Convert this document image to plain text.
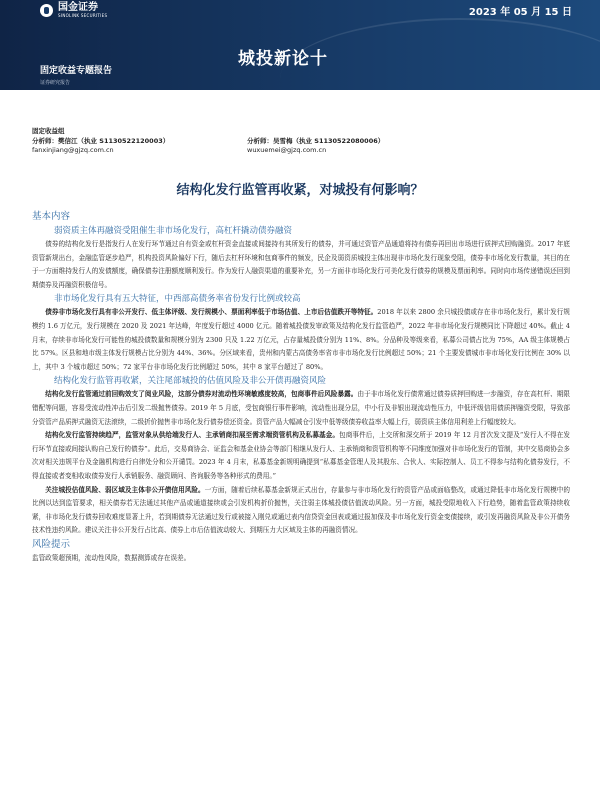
国金证券
SINOLINK SECURITIES	2023 年 05 月 15 日
城投新论十
固定收益专题报告
证券研究报告
固定收益组
分析师：樊信江（执业 S1130522120003）	分析师：吴雪梅（执业 S1130522080006）
fanxinjiang@gjzq.com.cn	wuxuemei@gjzq.com.cn
结构化发行监管再收紧，对城投有何影响？
基本内容
弱资质主体再融资受阻催生非市场化发行，高杠杆撬动债券融资

债券的结构化发行是指发行人在发行环节通过自有资金或杠杆资金直接或间接持有其所发行的债券，并可通过资管产品通道将持有债券再回出市场进行质押式回购融资。2017 年底资管新规出台，金融监管逐步趋严，机构投资风险偏好下行，随后去杠杆环境和包商事件的频发，民企及弱资质城投主体出现非市场化发行现象受阻，债券非市场化发行数量，其目的在于一方面维持发行人的发债额度，确保债券注册额度顺利发行。作为发行人融资渠道的重要补充，另一方面非市场化发行可美化发行债券的规模及票面利率。同时向市场传递错误还回到期债券及再融资积极信号。

非市场化发行具有五大特征，中西部高债务率省份发行比例或较高

债券非市场化发行具有非公开发行、低主体评级、发行规模小、票面利率低于市场估值、上市后估值跌开等特征。2018 年以来 2800 余只城投债或存在非市场化发行，累计发行规模约 1.6 万亿元，发行规模在 2020 及 2021 年达峰，年度发行超过 4000 亿元。随着城投债发审政策及结构化发行监管趋严，2022 年非市场化发行规模同比下降超过 40%。截止 4 月末，存续非市场化发行可能性的城投债数量和规模分别为 2300 只及 1.22 万亿元，占存量城投债分别为 11%、8%。分品种及等级来看，私募公司债占比为 75%，AA 级主体规模占比 57%。区县和地市级主体发行规模占比分别为 44%、36%。分区域来看，贵州和内蒙古高债务率省市非市场化发行比例超过 50%；21 个主要发债城市非市场化发行比例在 30% 以上，其中 3 个城市超过 50%；72 家平台非市场化发行比例超过 50%，其中 8 家平台超过了 80%。

结构化发行监管再收紧，关注尾部城投的估值风险及非公开债再融资风险

结构化发行监管通过前回购效支了阅业风险，这部分债券对流动性环境敏感度较高，包商事件后风险暴露。由于非市场化发行债常通过债券质押回购进一步融资，存在高杠杆、期限错配等问题，容易受流动性冲击后引发二级抛售债券。2019 年 5 月底，受包商银行事件影响，流动性出现分层，中小行及非银出现流动性压力，中低评级信用债质押融资受限，导致部分资管产品质押式融资无法滚续，二级折价抛售非市场化发行债券偿还资金。资管产品大幅减仓引发中低等级债券收益率大幅上行，弱资质主体信用利差上行幅度较大。

结构化发行监管持续趋严，监管对象从供给端发行人、主承销商扣展至需求端资管机构及私募基金。包商事件后，上交所和深交所于 2019 年 12 月首次发文提及“发行人不得在发行环节直接或间接认购自己发行的债券”。此后，交易商协会、证监会和基金业协会等部门相继从发行人、主承销商和资管机构等不同维度加强对非市场化发行的管制，其中交易商协会多次对相关违规平台及金融机构进行自律处分和公开谴罚。2023 年 4 月末，私募基金新规明确提到“私募基金管理人及其股东、合伙人、实际控制人、员工不得参与结构化债券发行，不得直接或者变相收取债券发行人承销服务、融资顾问、咨询服务等各种形式的费用。”

关注城投估值风险、弱区域及主体非公开债信用风险。一方面，随着后续私募基金新规正式出台，存量参与非市场化发行的资管产品或面临整改，或通过降低非市场化发行规模中的比例以达到监管要求，相关债券若无法通过其他产品或通道接续或会引发机构折价抛售，关注弱主体城投债估值波动风险。另一方面，城投受限地收入下行趋势，随着监管政策持续收紧，非市场化发行债券回收难度显著上升，若到期债券无法通过发行或被接入刚兑或通过表内信贷资金回表或通过报加保及非市场化发行资金变债接续，或引发再融资风险及非公开债务技术性违约风险。建议关注非公开发行占比高、债券上市后估值波动较大、到期压力大区域及主体的再融资情况。

风险提示

监管政策超预期，流动性风险，数据测算或存在误差。
